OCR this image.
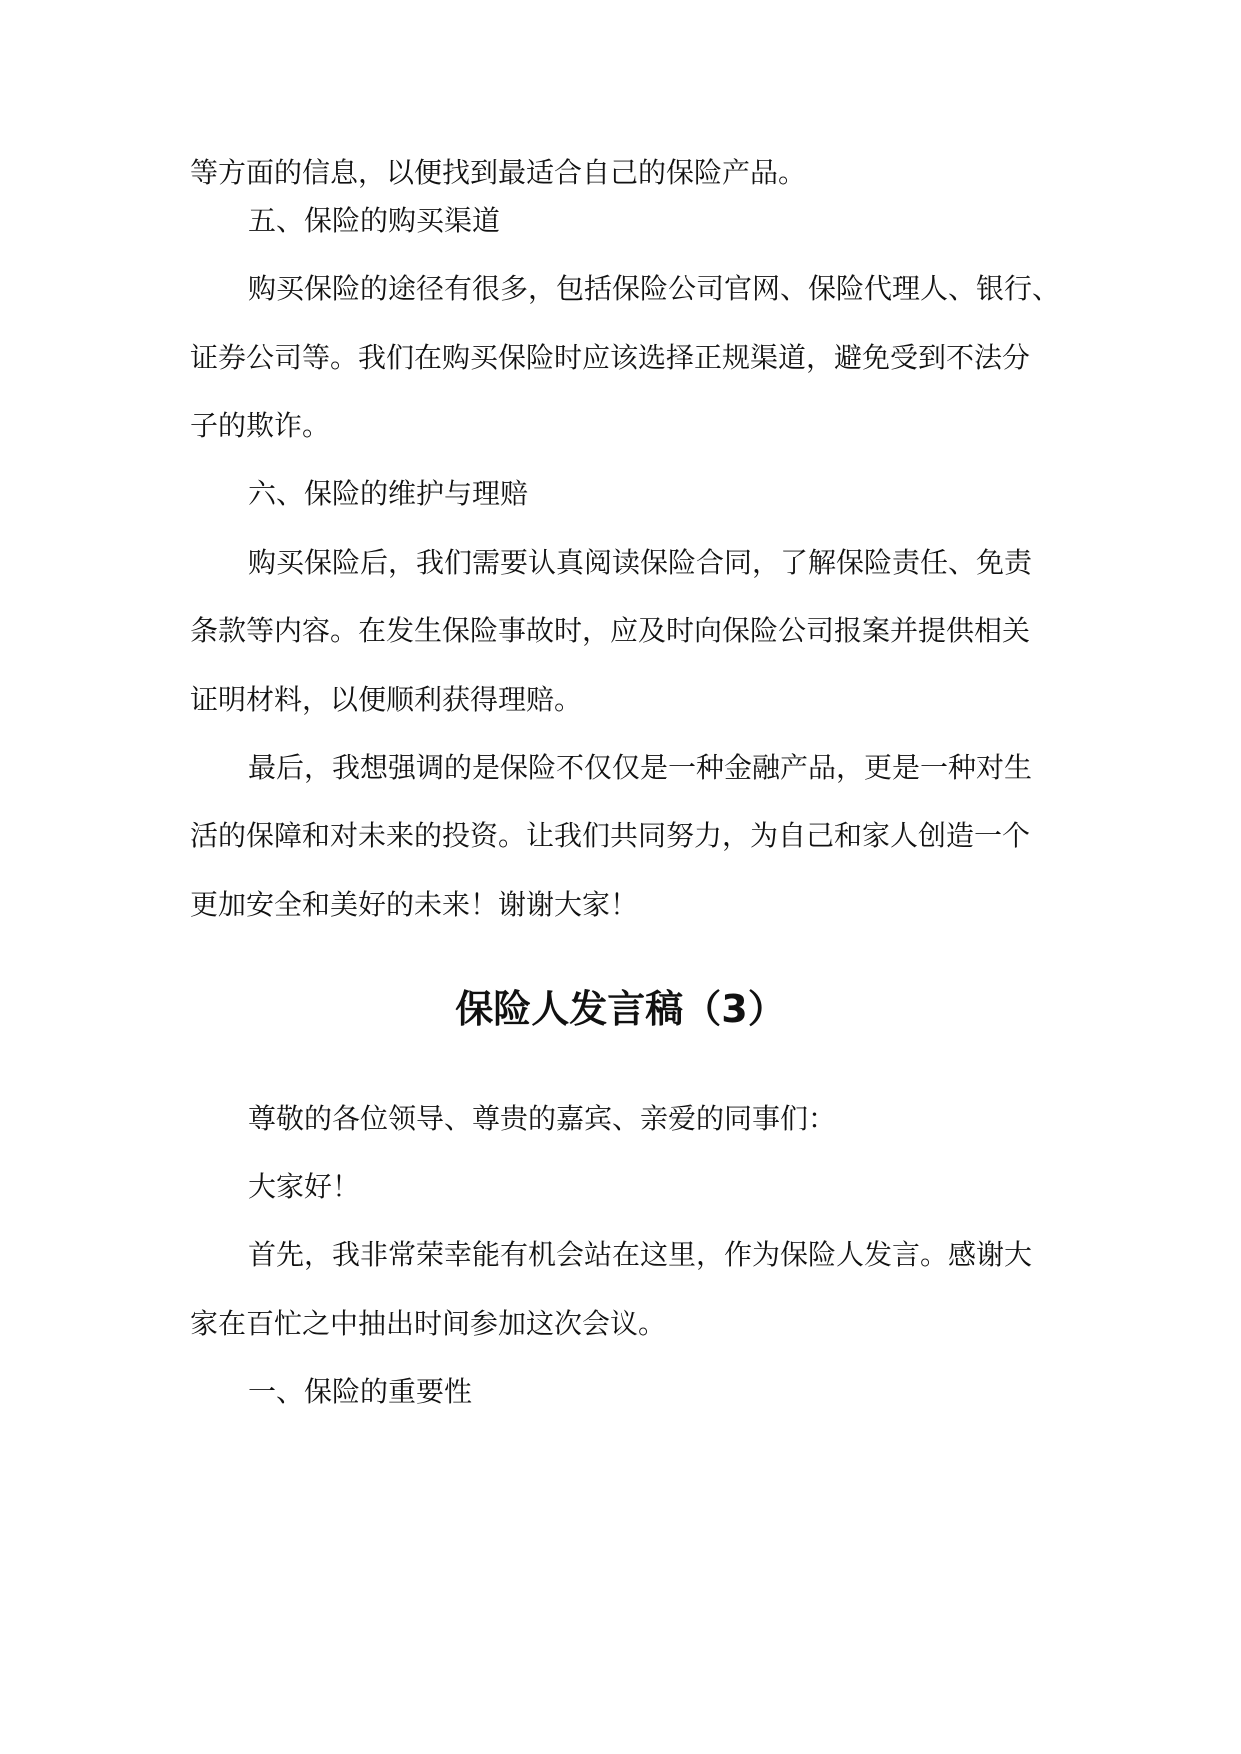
等方面的信息，以便找到最适合自己的保险产品。

五、保险的购买渠道

购买保险的途径有很多，包括保险公司官网、保险代理人、银行、

证券公司等。我们在购买保险时应该选择正规渠道，避免受到不法分

子的欺诈。

六、保险的维护与理赔

购买保险后，我们需要认真阅读保险合同，了解保险责任、免责

条款等内容。在发生保险事故时，应及时向保险公司报案并提供相关

证明材料，以便顺利获得理赔。

最后，我想强调的是保险不仅仅是一种金融产品，更是一种对生

活的保障和对未来的投资。让我们共同努力，为自己和家人创造一个

更加安全和美好的未来！谢谢大家！

保险人发言稿（3）

尊敬的各位领导、尊贵的嘉宾、亲爱的同事们：

大家好！

首先，我非常荣幸能有机会站在这里，作为保险人发言。感谢大

家在百忙之中抽出时间参加这次会议。

一、保险的重要性
